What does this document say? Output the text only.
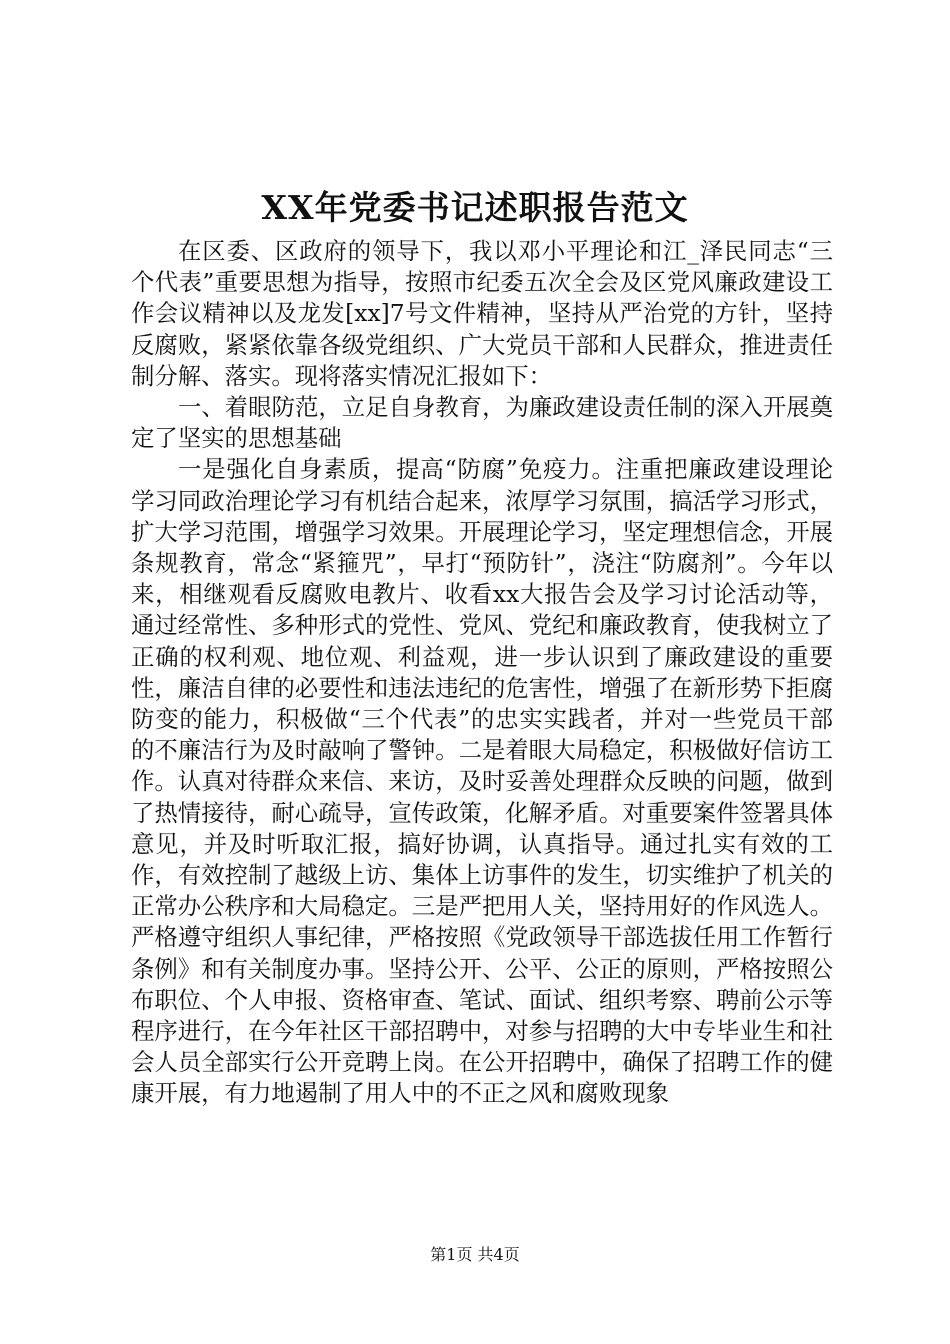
XX年党委书记述职报告范文

在区委、区政府的领导下，我以邓小平理论和江_泽民同志“三个代表”重要思想为指导，按照市纪委五次全会及区党风廉政建设工作会议精神以及龙发[xx]7号文件精神，坚持从严治党的方针，坚持反腐败，紧紧依靠各级党组织、广大党员干部和人民群众，推进责任制分解、落实。现将落实情况汇报如下：

一、着眼防范，立足自身教育，为廉政建设责任制的深入开展奠定了坚实的思想基础

一是强化自身素质，提高“防腐”免疫力。注重把廉政建设理论学习同政治理论学习有机结合起来，浓厚学习氛围，搞活学习形式，扩大学习范围，增强学习效果。开展理论学习，坚定理想信念，开展条规教育，常念“紧箍咒”，早打“预防针”，浇注“防腐剂”。今年以来，相继观看反腐败电教片、收看xx大报告会及学习讨论活动等，通过经常性、多种形式的党性、党风、党纪和廉政教育，使我树立了正确的权利观、地位观、利益观，进一步认识到了廉政建设的重要性，廉洁自律的必要性和违法违纪的危害性，增强了在新形势下拒腐防变的能力，积极做“三个代表”的忠实实践者，并对一些党员干部的不廉洁行为及时敲响了警钟。二是着眼大局稳定，积极做好信访工作。认真对待群众来信、来访，及时妥善处理群众反映的问题，做到了热情接待，耐心疏导，宣传政策，化解矛盾。对重要案件签署具体意见，并及时听取汇报，搞好协调，认真指导。通过扎实有效的工作，有效控制了越级上访、集体上访事件的发生，切实维护了机关的正常办公秩序和大局稳定。三是严把用人关，坚持用好的作风选人。严格遵守组织人事纪律，严格按照《党政领导干部选拔任用工作暂行条例》和有关制度办事。坚持公开、公平、公正的原则，严格按照公布职位、个人申报、资格审查、笔试、面试、组织考察、聘前公示等程序进行，在今年社区干部招聘中，对参与招聘的大中专毕业生和社会人员全部实行公开竞聘上岗。在公开招聘中，确保了招聘工作的健康开展，有力地遏制了用人中的不正之风和腐败现象

第1页 共4页
